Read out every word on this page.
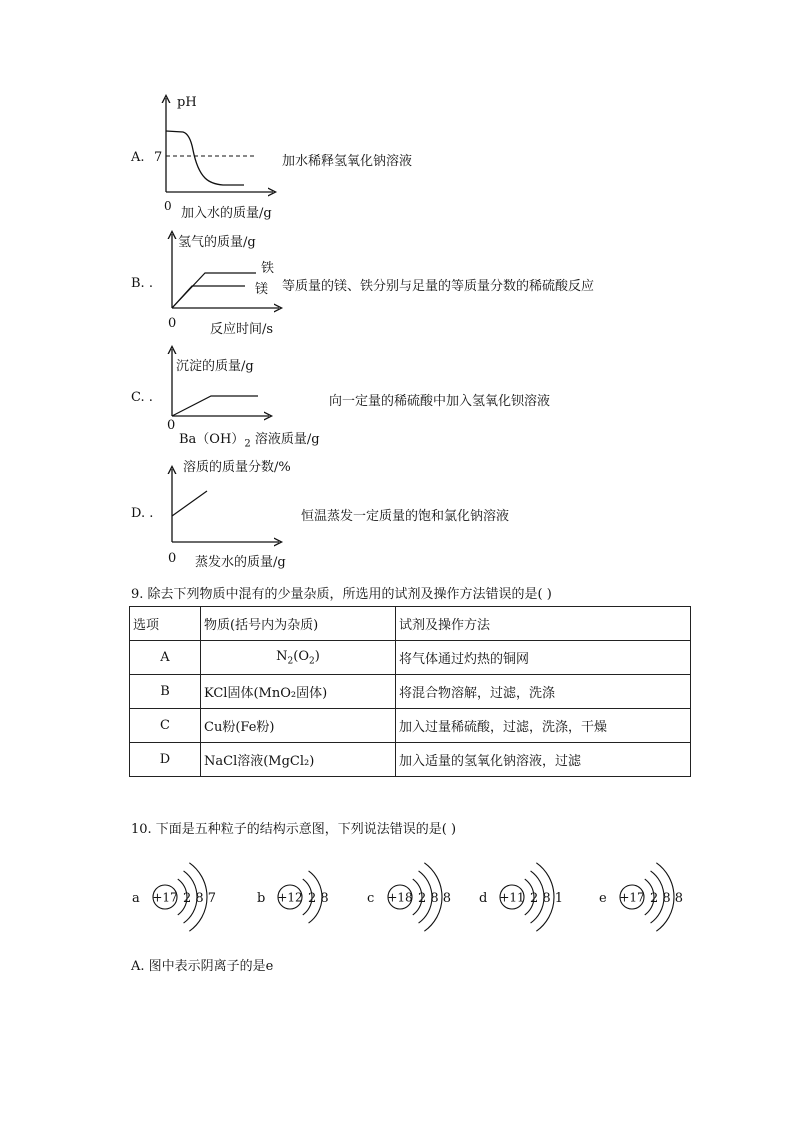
A.
pH
7
0 加入水的质量/g
加水稀释氢氧化钠溶液
氢气的质量/g
B. .
铁
镁
0	反应时间/s
等质量的镁、铁分别与足量的等质量分数的稀硫酸反应
沉淀的质量/g
C. .
0
$Ba(OH)_2$ 溶液质量/g
向一定量的稀硫酸中加入氢氧化钡溶液
溶质的质量分数/%
D. .
0 蒸发水的质量/g
恒温蒸发一定质量的饱和氯化钠溶液
9. 除去下列物质中混有的少量杂质，所选用的试剂及操作方法错误的是( )
选项	物质(括号内为杂质)	试剂及操作方法
A	$N_2(O_2)$	将气体通过灼热的铜网
B	KCl固体(MnO₂固体)	将混合物溶解，过滤，洗涤
C	Cu粉(Fe粉)	加入过量稀硫酸，过滤，洗涤，干燥
D	NaCl溶液(MgCl₂)	加入适量的氢氧化钠溶液，过滤
10. 下面是五种粒子的结构示意图，下列说法错误的是( )
a +17 2 8 7	b +12 2 8	c +18 2 8 8 d +11 2 8 1	e +17 2 8 8
A. 图中表示阴离子的是e
